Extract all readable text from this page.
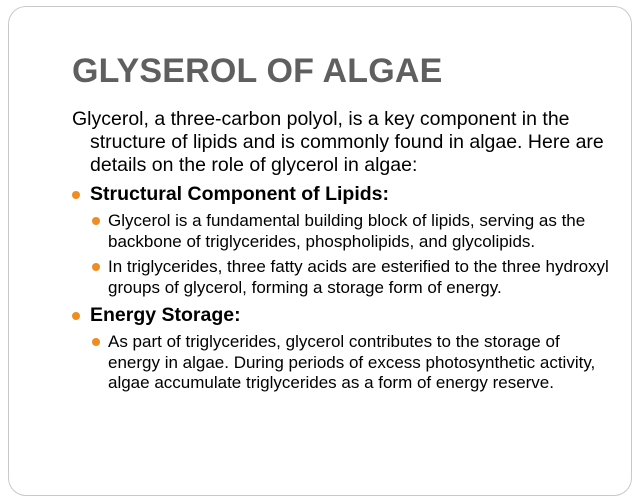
GLYSEROL OF ALGAE

Glycerol, a three-carbon polyol, is a key component in the structure of lipids and is commonly found in algae. Here are details on the role of glycerol in algae:

Structural Component of Lipids:

Glycerol is a fundamental building block of lipids, serving as the backbone of triglycerides, phospholipids, and glycolipids.

In triglycerides, three fatty acids are esterified to the three hydroxyl groups of glycerol, forming a storage form of energy.

Energy Storage:

As part of triglycerides, glycerol contributes to the storage of energy in algae. During periods of excess photosynthetic activity, algae accumulate triglycerides as a form of energy reserve.
